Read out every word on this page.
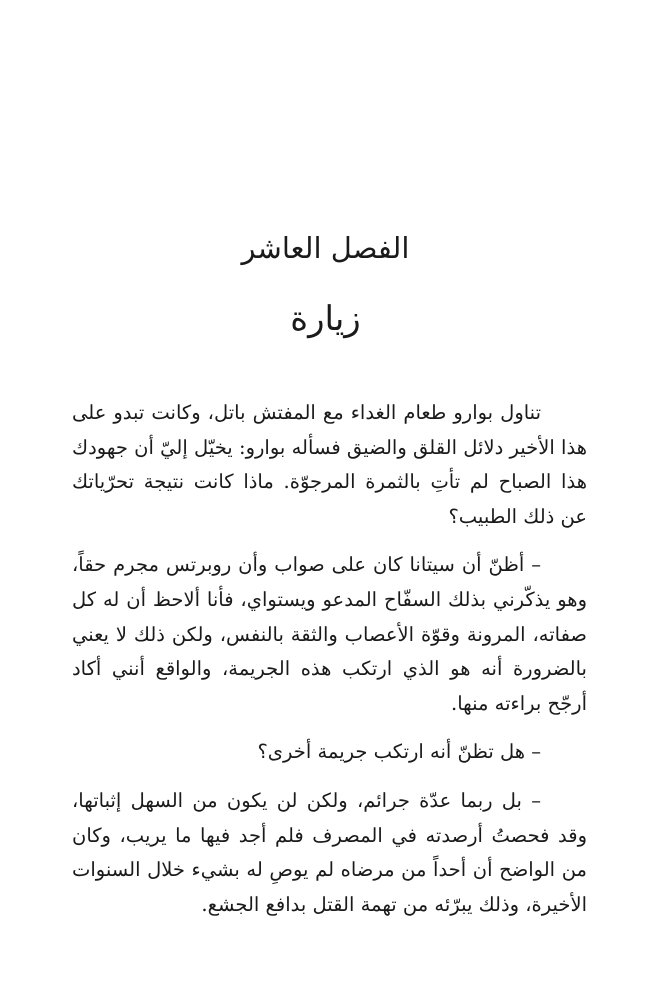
الفصل العاشر
زيارة

تناول بوارو طعام الغداء مع المفتش باتل، وكانت تبدو على هذا الأخير دلائل القلق والضيق فسأله بوارو: يخيّل إليّ أن جهودك هذا الصباح لم تأتِ بالثمرة المرجوّة. ماذا كانت نتيجة تحرّياتك عن ذلك الطبيب؟

– أظنّ أن سيتانا كان على صواب وأن روبرتس مجرم حقاً، وهو يذكّرني بذلك السفّاح المدعو ويستواي، فأنا ألاحظ أن له كل صفاته، المرونة وقوّة الأعصاب والثقة بالنفس، ولكن ذلك لا يعني بالضرورة أنه هو الذي ارتكب هذه الجريمة، والواقع أنني أكاد أرجّح براءته منها.

– هل تظنّ أنه ارتكب جريمة أخرى؟

– بل ربما عدّة جرائم، ولكن لن يكون من السهل إثباتها، وقد فحصتُ أرصدته في المصرف فلم أجد فيها ما يريب، وكان من الواضح أن أحداً من مرضاه لم يوصِ له بشيء خلال السنوات الأخيرة، وذلك يبرّئه من تهمة القتل بدافع الجشع.
